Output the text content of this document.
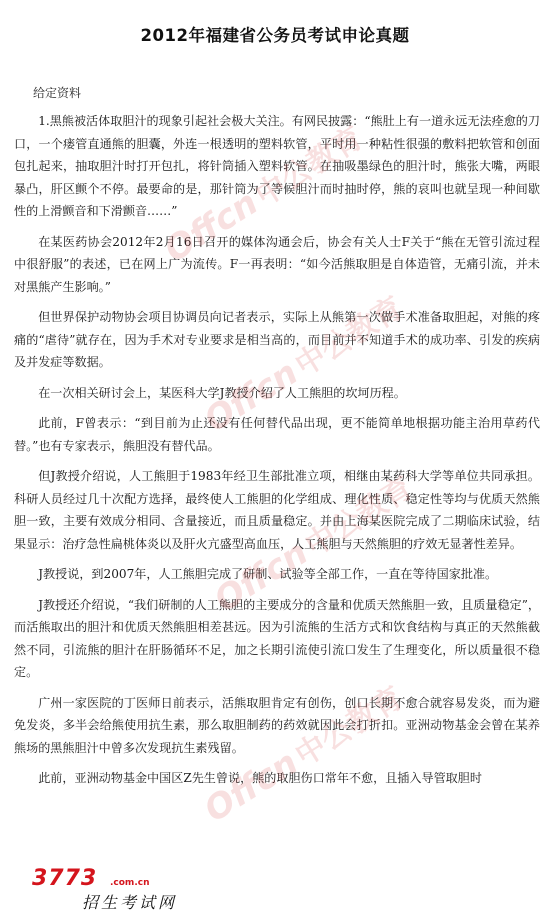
2012年福建省公务员考试申论真题
给定资料

1.黑熊被活体取胆汁的现象引起社会极大关注。有网民披露：“熊肚上有一道永远无法痊愈的刀口，一个瘘管直通熊的胆囊，外连一根透明的塑料软管，平时用一种粘性很强的敷料把软管和创面包扎起来，抽取胆汁时打开包扎，将针筒插入塑料软管。在抽吸墨绿色的胆汁时，熊张大嘴，两眼暴凸，肝区颤个不停。最要命的是，那针筒为了等候胆汁而时抽时停，熊的哀叫也就呈现一种间歇性的上滑颤音和下滑颤音……”

在某医药协会2012年2月16日召开的媒体沟通会后，协会有关人士F关于“熊在无管引流过程中很舒服”的表述，已在网上广为流传。F一再表明：“如今活熊取胆是自体造管，无痛引流，并未对黑熊产生影响。”

但世界保护动物协会项目协调员向记者表示，实际上从熊第一次做手术准备取胆起，对熊的疼痛的“虐待”就存在，因为手术对专业要求是相当高的，而目前并不知道手术的成功率、引发的疾病及并发症等数据。

在一次相关研讨会上，某医科大学J教授介绍了人工熊胆的坎坷历程。

此前，F曾表示：“到目前为止还没有任何替代品出现，更不能简单地根据功能主治用草药代替。”也有专家表示，熊胆没有替代品。

但J教授介绍说，人工熊胆于1983年经卫生部批准立项，相继由某药科大学等单位共同承担。科研人员经过几十次配方选择，最终使人工熊胆的化学组成、理化性质、稳定性等均与优质天然熊胆一致，主要有效成分相同、含量接近，而且质量稳定。并由上海某医院完成了二期临床试验，结果显示：治疗急性扁桃体炎以及肝火亢盛型高血压，人工熊胆与天然熊胆的疗效无显著性差异。

J教授说，到2007年，人工熊胆完成了研制、试验等全部工作，一直在等待国家批准。

J教授还介绍说，“我们研制的人工熊胆的主要成分的含量和优质天然熊胆一致，且质量稳定”，而活熊取出的胆汁和优质天然熊胆相差甚远。因为引流熊的生活方式和饮食结构与真正的天然熊截然不同，引流熊的胆汁在肝肠循环不足，加之长期引流使引流口发生了生理变化，所以质量很不稳定。

广州一家医院的丁医师日前表示，活熊取胆肯定有创伤，创口长期不愈合就容易发炎，而为避免发炎，多半会给熊使用抗生素，那么取胆制药的药效就因此会打折扣。亚洲动物基金会曾在某养熊场的黑熊胆汁中曾多次发现抗生素残留。

此前，亚洲动物基金中国区Z先生曾说，熊的取胆伤口常年不愈，且插入导管取胆时

Offcn中公教育
Offcn中公教育
Offcn中公教育
Offcn中公教育
3773 .com.cn
招生考试网
